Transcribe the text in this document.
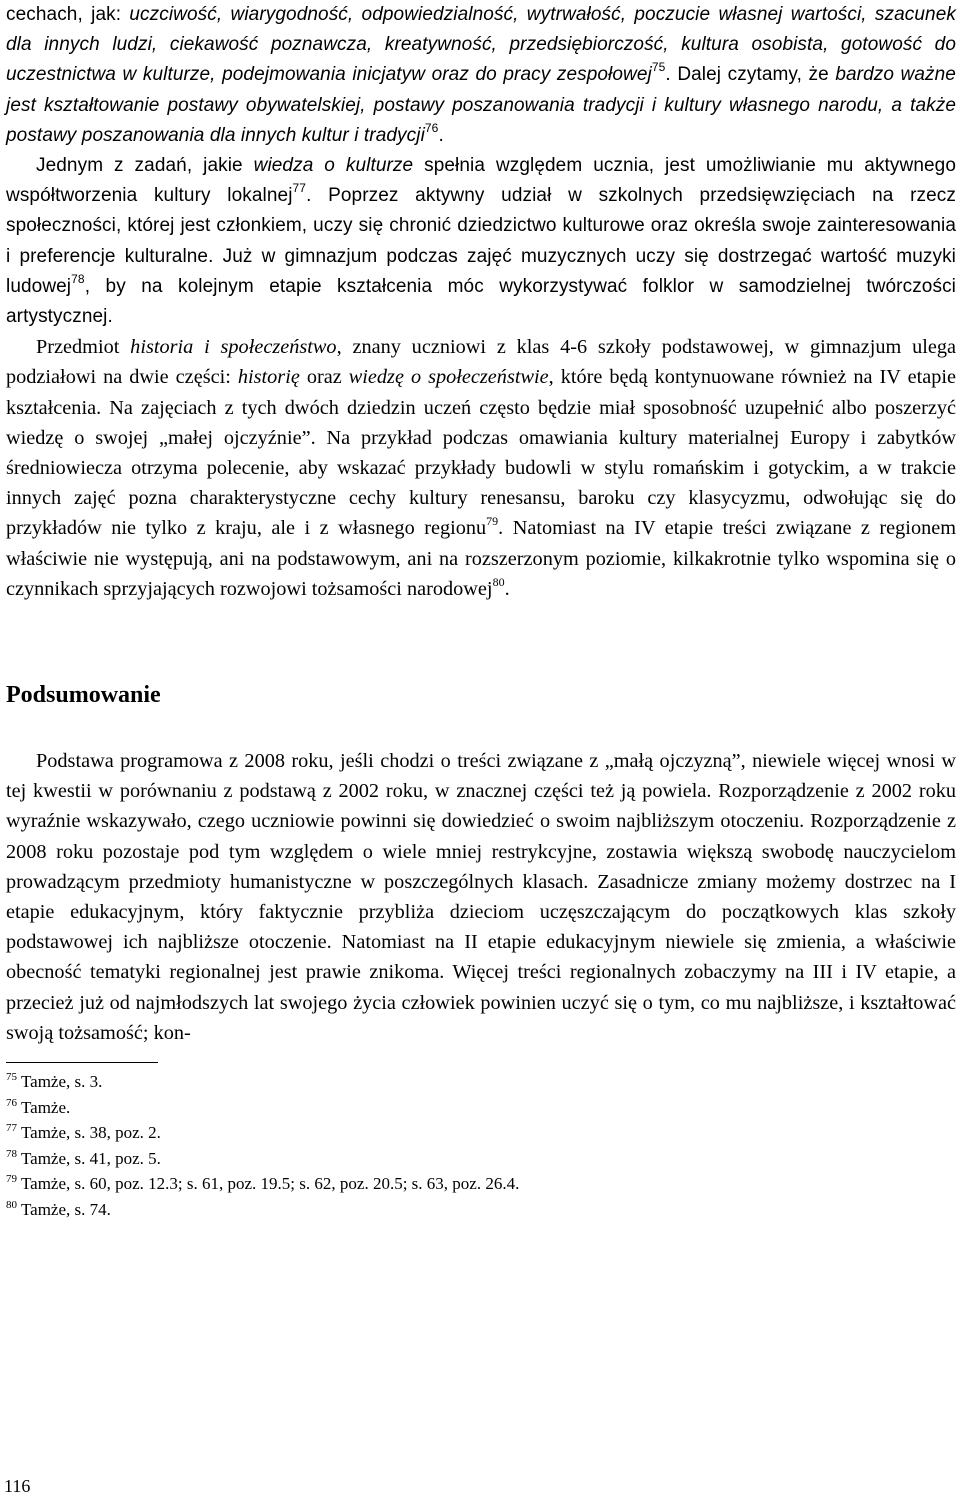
cechach, jak: uczciwość, wiarygodność, odpowiedzialność, wytrwałość, poczucie własnej wartości, szacunek dla innych ludzi, ciekawość poznawcza, kreatywność, przedsiębiorczość, kultura osobista, gotowość do uczestnictwa w kulturze, podejmowania inicjatyw oraz do pracy zespołowej$^{75}$. Dalej czytamy, że bardzo ważne jest kształtowanie postawy obywatelskiej, postawy poszanowania tradycji i kultury własnego narodu, a także postawy poszanowania dla innych kultur i tradycji$^{76}$.

Jednym z zadań, jakie wiedza o kulturze spełnia względem ucznia, jest umożliwianie mu aktywnego współtworzenia kultury lokalnej$^{77}$. Poprzez aktywny udział w szkolnych przedsięwzięciach na rzecz społeczności, której jest członkiem, uczy się chronić dziedzictwo kulturowe oraz określa swoje zainteresowania i preferencje kulturalne. Już w gimnazjum podczas zajęć muzycznych uczy się dostrzegać wartość muzyki ludowej$^{78}$, by na kolejnym etapie kształcenia móc wykorzystywać folklor w samodzielnej twórczości artystycznej.

Przedmiot historia i społeczeństwo, znany uczniowi z klas 4-6 szkoły podstawowej, w gimnazjum ulega podziałowi na dwie części: historię oraz wiedzę o społeczeństwie, które będą kontynuowane również na IV etapie kształcenia. Na zajęciach z tych dwóch dziedzin uczeń często będzie miał sposobność uzupełnić albo poszerzyć wiedzę o swojej „małej ojczyźnie”. Na przykład podczas omawiania kultury materialnej Europy i zabytków średniowiecza otrzyma polecenie, aby wskazać przykłady budowli w stylu romańskim i gotyckim, a w trakcie innych zajęć pozna charakterystyczne cechy kultury renesansu, baroku czy klasycyzmu, odwołując się do przykładów nie tylko z kraju, ale i z własnego regionu$^{79}$. Natomiast na IV etapie treści związane z regionem właściwie nie występują, ani na podstawowym, ani na rozszerzonym poziomie, kilkakrotnie tylko wspomina się o czynnikach sprzyjających rozwojowi tożsamości narodowej$^{80}$.

Podsumowanie

Podstawa programowa z 2008 roku, jeśli chodzi o treści związane z „małą ojczyzną”, niewiele więcej wnosi w tej kwestii w porównaniu z podstawą z 2002 roku, w znacznej części też ją powiela. Rozporządzenie z 2002 roku wyraźnie wskazywało, czego uczniowie powinni się dowiedzieć o swoim najbliższym otoczeniu. Rozporządzenie z 2008 roku pozostaje pod tym względem o wiele mniej restrykcyjne, zostawia większą swobodę nauczycielom prowadzącym przedmioty humanistyczne w poszczególnych klasach. Zasadnicze zmiany możemy dostrzec na I etapie edukacyjnym, który faktycznie przybliża dzieciom uczęszczającym do początkowych klas szkoły podstawowej ich najbliższe otoczenie. Natomiast na II etapie edukacyjnym niewiele się zmienia, a właściwie obecność tematyki regionalnej jest prawie znikoma. Więcej treści regionalnych zobaczymy na III i IV etapie, a przecież już od najmłodszych lat swojego życia człowiek powinien uczyć się o tym, co mu najbliższe, i kształtować swoją tożsamość; kon-

$^{75}$ Tamże, s. 3.

$^{76}$ Tamże.

$^{77}$ Tamże, s. 38, poz. 2.

$^{78}$ Tamże, s. 41, poz. 5.

$^{79}$ Tamże, s. 60, poz. 12.3; s. 61, poz. 19.5; s. 62, poz. 20.5; s. 63, poz. 26.4.

$^{80}$ Tamże, s. 74.

116
